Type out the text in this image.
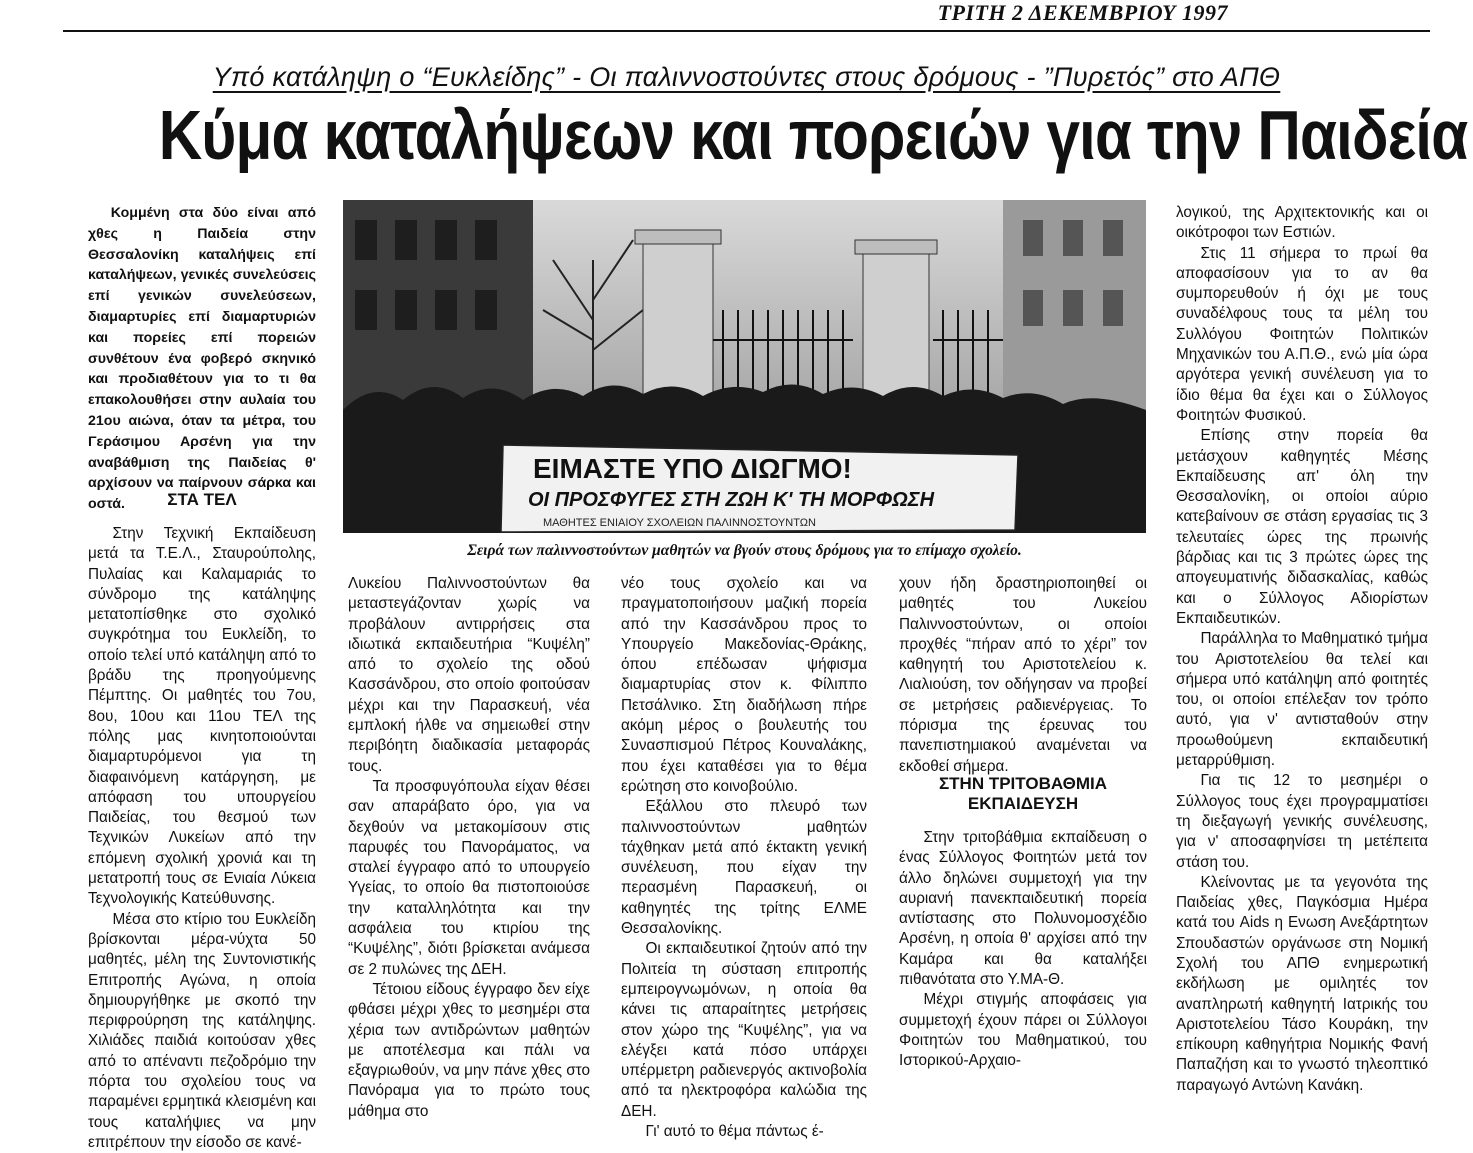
ΤΡΙΤΗ 2 ΔΕΚΕΜΒΡΙΟΥ 1997
Υπό κατάληψη ο “Ευκλείδης” - Οι παλιννοστούντες στους δρόμους - ”Πυρετός” στο ΑΠΘ
Κύμα καταλήψεων και πορειών για την Παιδεία

Κομμένη στα δύο είναι από χθες η Παιδεία στην Θεσσαλονίκη καταλήψεις επί καταλήψεων, γενικές συνελεύσεις επί γενικών συνελεύσεων, διαμαρτυρίες επί διαμαρτυριών και πορείες επί πορειών συνθέτουν ένα φοβερό σκηνικό και προδιαθέτουν για το τι θα επακολουθήσει στην αυλαία του 21ου αιώνα, όταν τα μέτρα, του Γεράσιμου Αρσένη για την αναβάθμιση της Παιδείας θ' αρχίσουν να παίρνουν σάρκα και οστά.	ΣΤΑ ΤΕΛ

Στην Τεχνική Εκπαίδευση μετά τα Τ.Ε.Λ., Σταυρούπολης, Πυλαίας και Καλαμαριάς το σύνδρομο της κατάληψης μετατοπίσθηκε στο σχολικό συγκρότημα του Ευκλείδη, το οποίο τελεί υπό κατάληψη από το βράδυ της προηγούμενης Πέμπτης. Οι μαθητές του 7ου, 8ου, 10ου και 11ου ΤΕΛ της πόλης μας κινητοποιούνται διαμαρτυρόμενοι για τη διαφαινόμενη κατάργηση, με απόφαση του υπουργείου Παιδείας, του θεσμού των Τεχνικών Λυκείων από την επόμενη σχολική χρονιά και τη μετατροπή τους σε Ενιαία Λύκεια Τεχνολογικής Κατεύθυνσης.

Μέσα στο κτίριο του Ευκλείδη βρίσκονται μέρα-νύχτα 50 μαθητές, μέλη της Συντονιστικής Επιτροπής Αγώνα, η οποία δημιουργήθηκε με σκοπό την περιφρούρηση της κατάληψης. Χιλιάδες παιδιά κοιτούσαν χθες από το απέναντι πεζοδρόμιο την πόρτα του σχολείου τους να παραμένει ερμητικά κλεισμένη και τους καταλήψιες να μην επιτρέπουν την είσοδο σε κανέ-

ΕΙΜΑΣΤΕ ΥΠΟ ΔΙΩΓΜΟ!
ΟΙ ΠΡΟΣΦΥΓΕΣ ΣΤΗ ΖΩΗ Κ' ΤΗ ΜΟΡΦΩΣΗ
ΜΑΘΗΤΕΣ ΕΝΙΑΙΟΥ ΣΧΟΛΕΙΩΝ ΠΑΛΙΝΝΟΣΤΟΥΝΤΩΝ
Σειρά των παλιννοστούντων μαθητών να βγούν στους δρόμους για το επίμαχο σχολείο.

Λυκείου Παλιννοστούντων θα μεταστεγάζονταν χωρίς να προβάλουν αντιρρήσεις στα ιδιωτικά εκπαιδευτήρια “Κυψέλη” από το σχολείο της οδού Κασσάνδρου, στο οποίο φοιτούσαν μέχρι και την Παρασκευή, νέα εμπλοκή ήλθε να σημειωθεί στην περιβόητη διαδικασία μεταφοράς τους.

Τα προσφυγόπουλα είχαν θέσει σαν απαράβατο όρο, για να δεχθούν να μετακομίσουν στις παρυφές του Πανοράματος, να σταλεί έγγραφο από το υπουργείο Υγείας, το οποίο θα πιστοποιούσε την καταλληλότητα και την ασφάλεια του κτιρίου της “Κυψέλης”, διότι βρίσκεται ανάμεσα σε 2 πυλώνες της ΔΕΗ.

Τέτοιου είδους έγγραφο δεν είχε φθάσει μέχρι χθες το μεσημέρι στα χέρια των αντιδρώντων μαθητών με αποτέλεσμα και πάλι να εξαγριωθούν, να μην πάνε χθες στο Πανόραμα για το πρώτο τους μάθημα στο

νέο τους σχολείο και να πραγματοποιήσουν μαζική πορεία από την Κασσάνδρου προς το Υπουργείο Μακεδονίας-Θράκης, όπου επέδωσαν ψήφισμα διαμαρτυρίας στον κ. Φίλιππο Πετσάλνικο. Στη διαδήλωση πήρε ακόμη μέρος ο βουλευτής του Συνασπισμού Πέτρος Κουναλάκης, που έχει καταθέσει για το θέμα ερώτηση στο κοινοβούλιο.

Εξάλλου στο πλευρό των παλιννοστούντων μαθητών τάχθηκαν μετά από έκτακτη γενική συνέλευση, που είχαν την περασμένη Παρασκευή, οι καθηγητές της τρίτης ΕΛΜΕ Θεσσαλονίκης.

Οι εκπαιδευτικοί ζητούν από την Πολιτεία τη σύσταση επιτροπής εμπειρογνωμόνων, η οποία θα κάνει τις απαραίτητες μετρήσεις στον χώρο της “Κυψέλης”, για να ελέγξει κατά πόσο υπάρχει υπέρμετρη ραδιενεργός ακτινοβολία από τα ηλεκτροφόρα καλώδια της ΔΕΗ.

Γι' αυτό το θέμα πάντως έ-

χουν ήδη δραστηριοποιηθεί οι μαθητές του Λυκείου Παλιννοστούντων, οι οποίοι προχθές “πήραν από το χέρι” τον καθηγητή του Αριστοτελείου κ. Λιαλιούση, τον οδήγησαν να προβεί σε μετρήσεις ραδιενέργειας. Το πόρισμα της έρευνας του πανεπιστημιακού αναμένεται να εκδοθεί σήμερα.

ΣΤΗΝ ΤΡΙΤΟΒΑΘΜΙΑ ΕΚΠΑΙΔΕΥΣΗ

Στην τριτοβάθμια εκπαίδευση ο ένας Σύλλογος Φοιτητών μετά τον άλλο δηλώνει συμμετοχή για την αυριανή πανεκπαιδευτική πορεία αντίστασης στο Πολυνομοσχέδιο Αρσένη, η οποία θ' αρχίσει από την Καμάρα και θα καταλήξει πιθανότατα στο Υ.ΜΑ-Θ.

Μέχρι στιγμής αποφάσεις για συμμετοχή έχουν πάρει οι Σύλλογοι Φοιτητών του Μαθηματικού, του Ιστορικού-Αρχαιο-

λογικού, της Αρχιτεκτονικής και οι οικότροφοι των Εστιών.

Στις 11 σήμερα το πρωί θα αποφασίσουν για το αν θα συμπορευθούν ή όχι με τους συναδέλφους τους τα μέλη του Συλλόγου Φοιτητών Πολιτικών Μηχανικών του Α.Π.Θ., ενώ μία ώρα αργότερα γενική συνέλευση για το ίδιο θέμα θα έχει και ο Σύλλογος Φοιτητών Φυσικού.

Επίσης στην πορεία θα μετάσχουν καθηγητές Μέσης Εκπαίδευσης απ' όλη την Θεσσαλονίκη, οι οποίοι αύριο κατεβαίνουν σε στάση εργασίας τις 3 τελευταίες ώρες της πρωινής βάρδιας και τις 3 πρώτες ώρες της απογευματινής διδασκαλίας, καθώς και ο Σύλλογος Αδιορίστων Εκπαιδευτικών.

Παράλληλα το Μαθηματικό τμήμα του Αριστοτελείου θα τελεί και σήμερα υπό κατάληψη από φοιτητές του, οι οποίοι επέλεξαν τον τρόπο αυτό, για ν' αντισταθούν στην προωθούμενη εκπαιδευτική μεταρρύθμιση.

Για τις 12 το μεσημέρι ο Σύλλογος τους έχει προγραμματίσει τη διεξαγωγή γενικής συνέλευσης, για ν' αποσαφηνίσει τη μετέπειτα στάση του.

Κλείνοντας με τα γεγονότα της Παιδείας χθες, Παγκόσμια Ημέρα κατά του Aids η Ενωση Ανεξάρτητων Σπουδαστών οργάνωσε στη Νομική Σχολή του ΑΠΘ ενημερωτική εκδήλωση με ομιλητές τον αναπληρωτή καθηγητή Ιατρικής του Αριστοτελείου Τάσο Κουράκη, την επίκουρη καθηγήτρια Νομικής Φανή Παπαζήση και το γνωστό τηλεοπτικό παραγωγό Αντώνη Κανάκη.
